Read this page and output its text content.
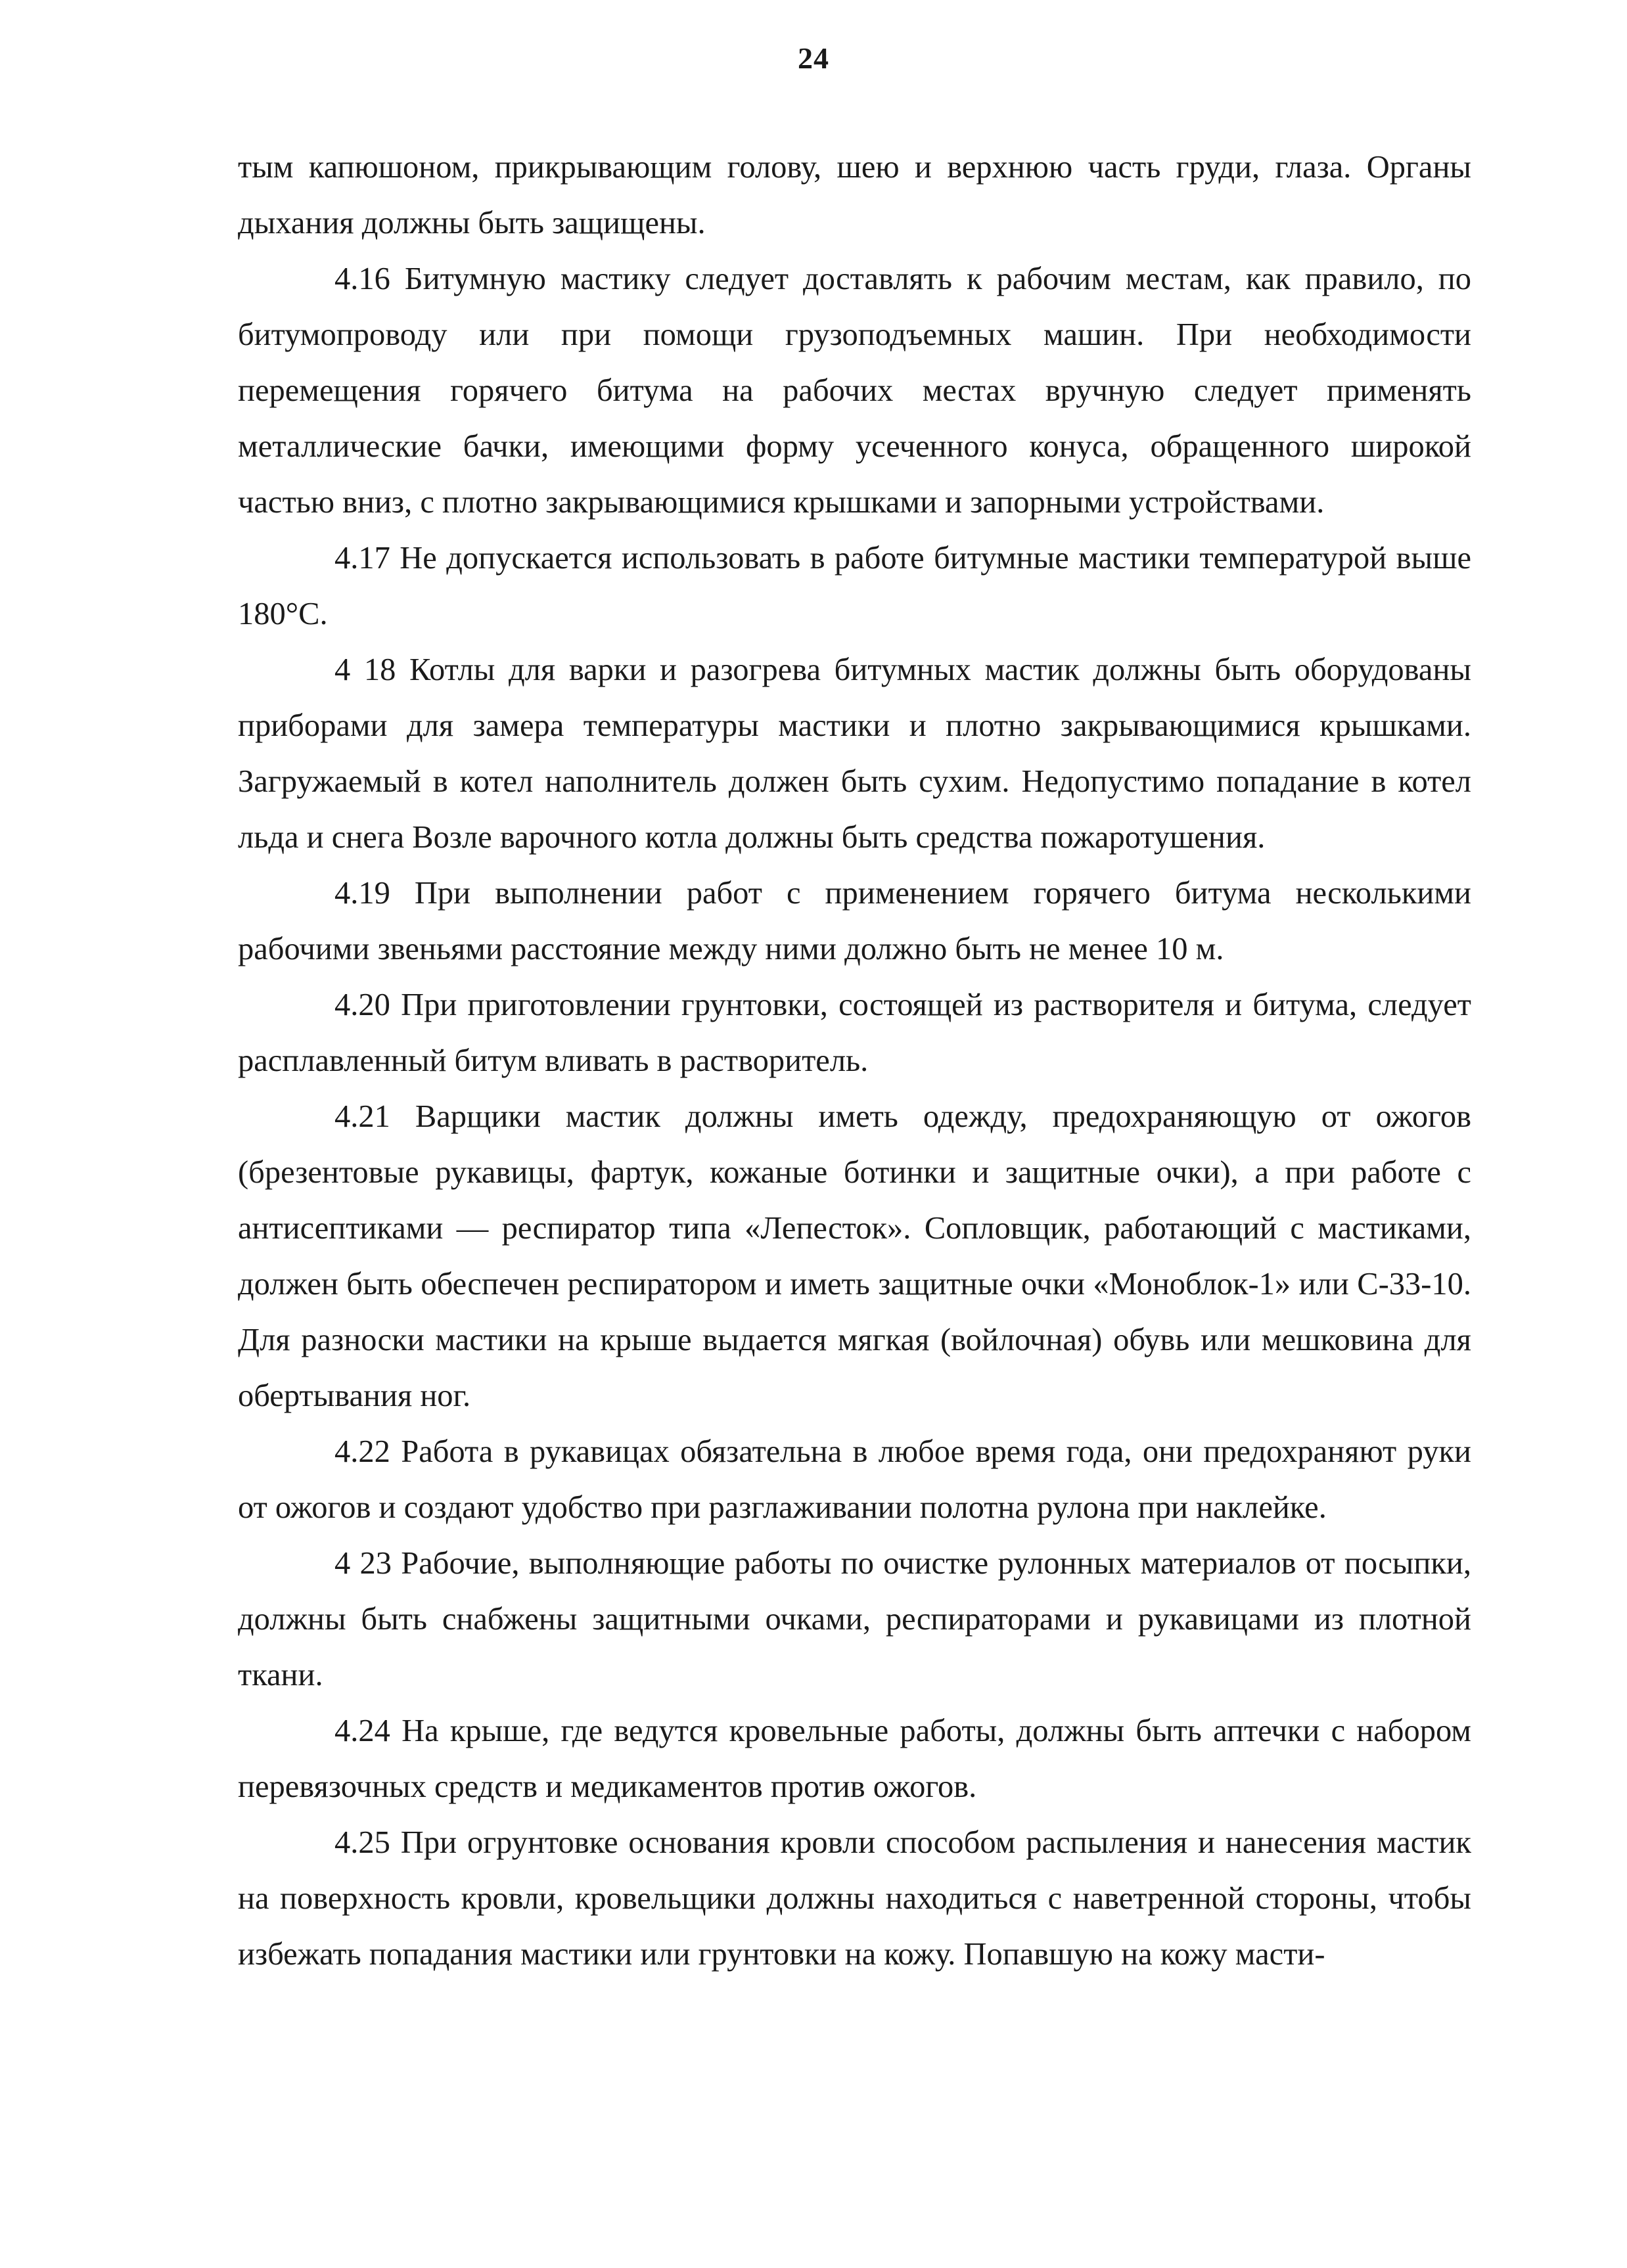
24

тым капюшоном, прикрывающим голову, шею и верхнюю часть груди, глаза. Органы дыхания должны быть защищены.

4.16 Битумную мастику следует доставлять к рабочим местам, как правило, по битумопроводу или при помощи грузоподъемных машин. При необходимости перемещения горячего битума на рабочих местах вручную следует применять металлические бачки, имеющими форму усеченного конуса, обращенного широкой частью вниз, с плотно закрывающимися крышками и запорными устройствами.

4.17 Не допускается использовать в работе битумные мастики температурой выше 180°С.

4 18 Котлы для варки и разогрева битумных мастик должны быть оборудованы приборами для замера температуры мастики и плотно закрывающимися крышками. Загружаемый в котел наполнитель должен быть сухим. Недопустимо попадание в котел льда и снега Возле варочного котла должны быть средства пожаротушения.

4.19 При выполнении работ с применением горячего битума несколькими рабочими звеньями расстояние между ними должно быть не менее 10 м.

4.20 При приготовлении грунтовки, состоящей из растворителя и битума, следует расплавленный битум вливать в растворитель.

4.21 Варщики мастик должны иметь одежду, предохраняющую от ожогов (брезентовые рукавицы, фартук, кожаные ботинки и защитные очки), а при работе с антисептиками — респиратор типа «Лепесток». Сопловщик, работающий с мастиками, должен быть обеспечен респиратором и иметь защитные очки «Моноблок-1» или С-33-10. Для разноски мастики на крыше выдается мягкая (войлочная) обувь или мешковина для обертывания ног.

4.22 Работа в рукавицах обязательна в любое время года, они предохраняют руки от ожогов и создают удобство при разглаживании полотна рулона при наклейке.

4 23 Рабочие, выполняющие работы по очистке рулонных материалов от посыпки, должны быть снабжены защитными очками, респираторами и рукавицами из плотной ткани.

4.24 На крыше, где ведутся кровельные работы, должны быть аптечки с набором перевязочных средств и медикаментов против ожогов.

4.25 При огрунтовке основания кровли способом распыления и нанесения мастик на поверхность кровли, кровельщики должны находиться с наветренной стороны, чтобы избежать попадания мастики или грунтовки на кожу. Попавшую на кожу масти-
